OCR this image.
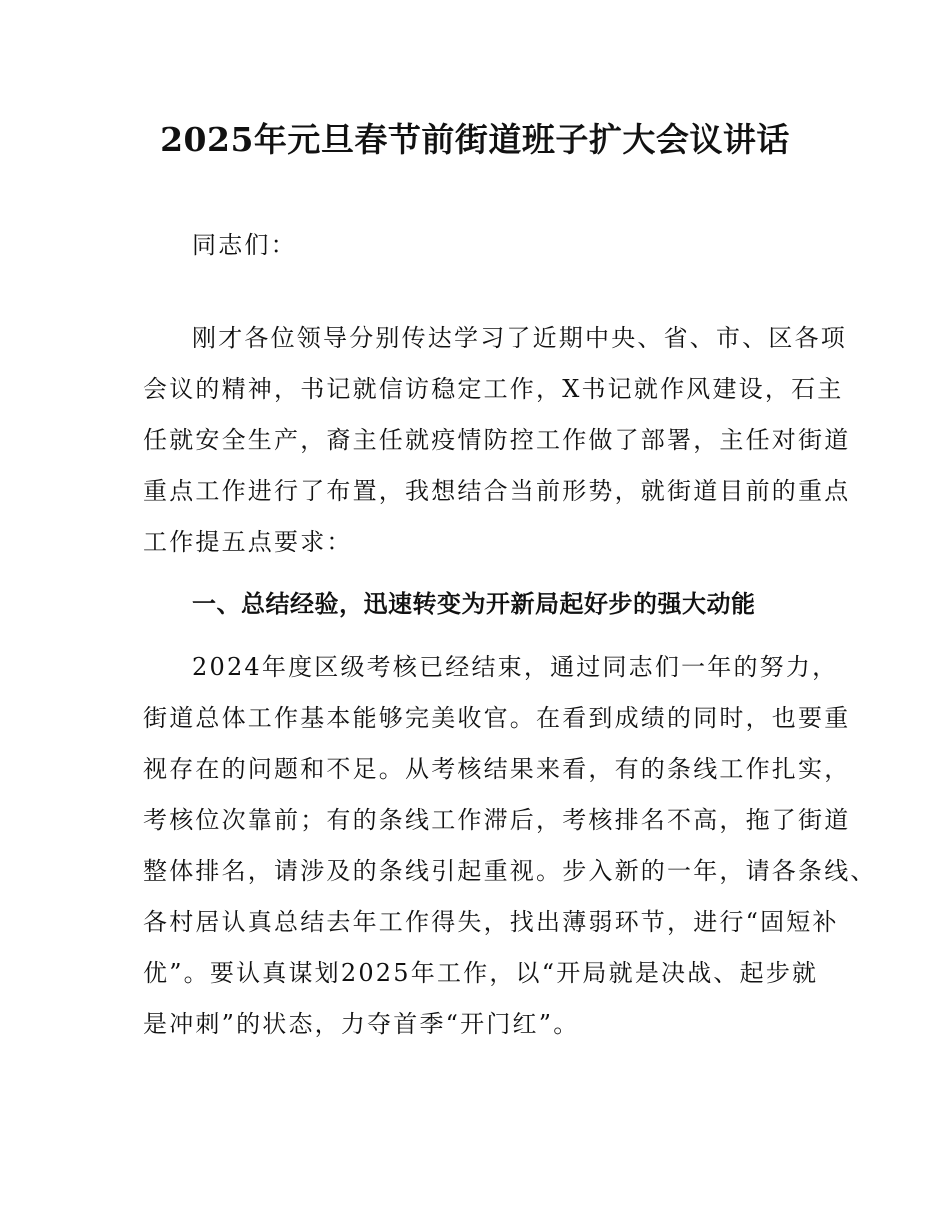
2025年元旦春节前街道班子扩大会议讲话

同志们：

刚才各位领导分别传达学习了近期中央、省、市、区各项

会议的精神，书记就信访稳定工作，X书记就作风建设，石主

任就安全生产，裔主任就疫情防控工作做了部署，主任对街道

重点工作进行了布置，我想结合当前形势，就街道目前的重点

工作提五点要求：

一、总结经验，迅速转变为开新局起好步的强大动能

2024年度区级考核已经结束，通过同志们一年的努力，

街道总体工作基本能够完美收官。在看到成绩的同时，也要重

视存在的问题和不足。从考核结果来看，有的条线工作扎实，

考核位次靠前；有的条线工作滞后，考核排名不高，拖了街道

整体排名，请涉及的条线引起重视。步入新的一年，请各条线、

各村居认真总结去年工作得失，找出薄弱环节，进行“固短补

优”。要认真谋划2025年工作，以“开局就是决战、起步就

是冲刺”的状态，力夺首季“开门红”。
